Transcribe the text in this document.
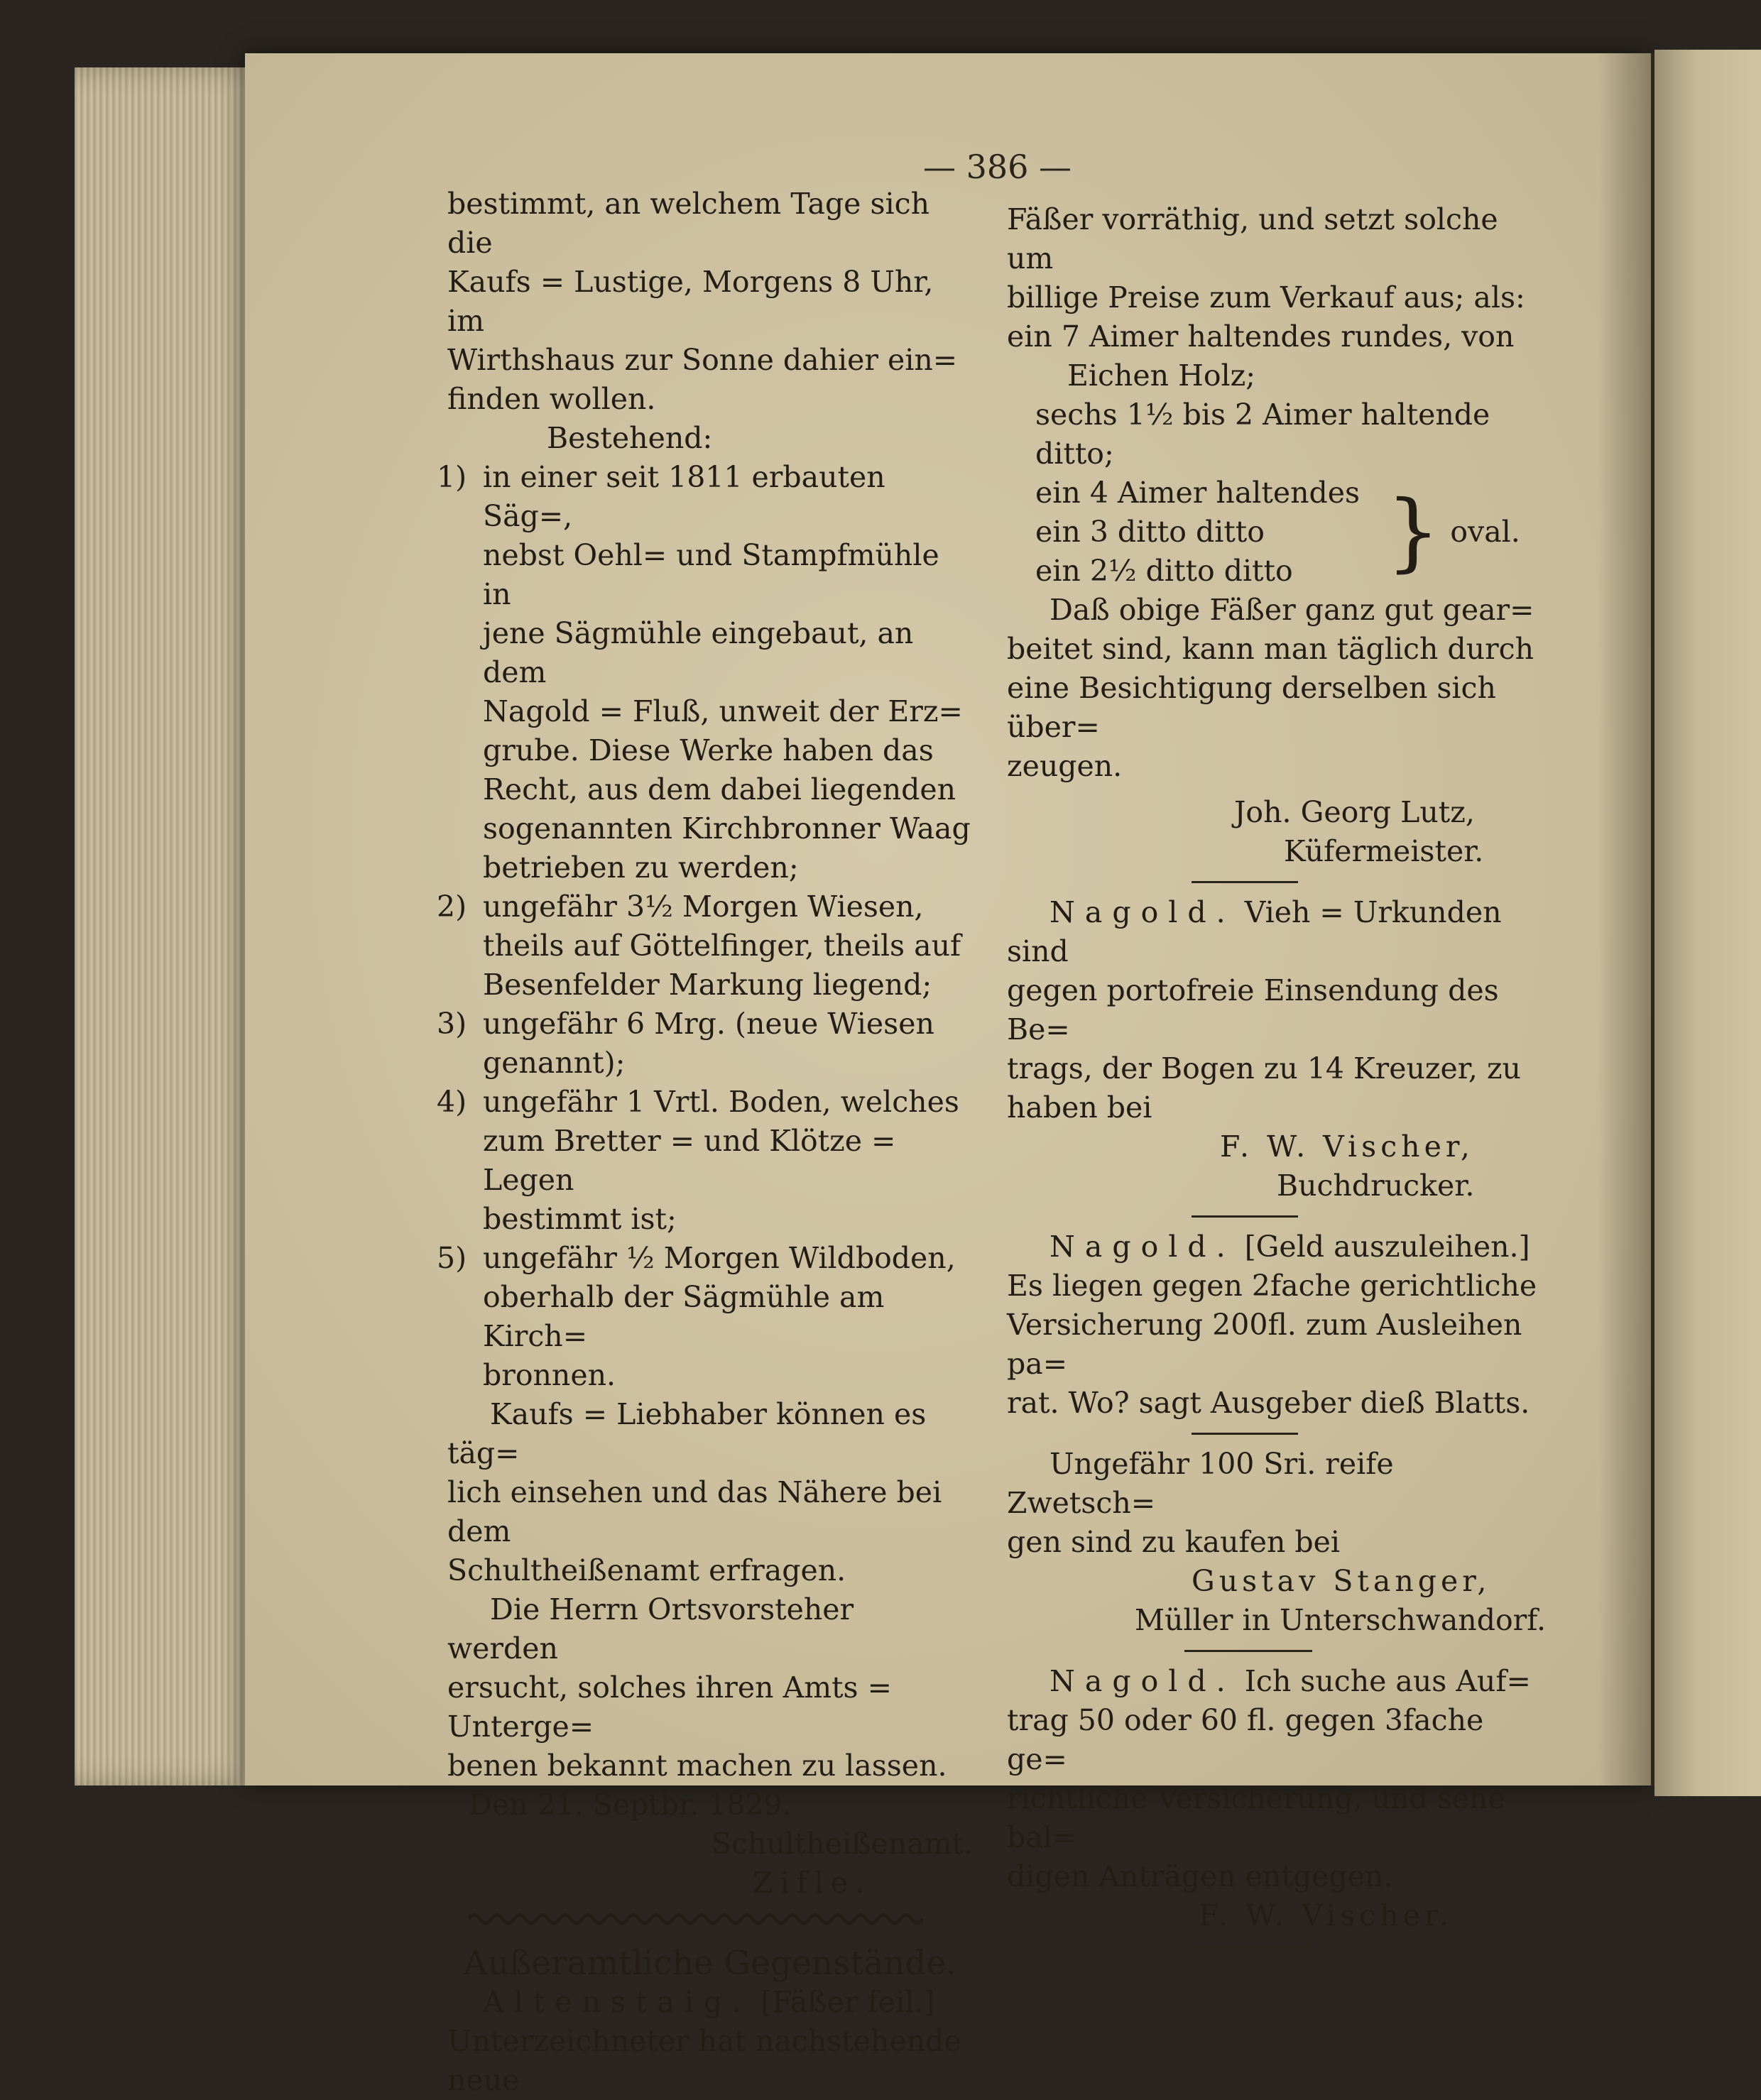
— 386 —

bestimmt, an welchem Tage sich die

Kaufs = Lustige, Morgens 8 Uhr, im

Wirthshaus zur Sonne dahier ein=

finden wollen.

Bestehend:

1) in einer seit 1811 erbauten Säg=,

nebst Oehl= und Stampfmühle in

jene Sägmühle eingebaut, an dem

Nagold = Fluß, unweit der Erz=

grube. Diese Werke haben das

Recht, aus dem dabei liegenden

sogenannten Kirchbronner Waag

betrieben zu werden;

2) ungefähr 3½ Morgen Wiesen,

theils auf Göttelfinger, theils auf

Besenfelder Markung liegend;

3) ungefähr 6 Mrg. (neue Wiesen

genannt);

4) ungefähr 1 Vrtl. Boden, welches

zum Bretter = und Klötze = Legen

bestimmt ist;

5) ungefähr ½ Morgen Wildboden,

oberhalb der Sägmühle am Kirch=

bronnen.

Kaufs = Liebhaber können es täg=

lich einsehen und das Nähere bei dem

Schultheißenamt erfragen.

Die Herrn Ortsvorsteher werden

ersucht, solches ihren Amts = Unterge=

benen bekannt machen zu lassen.

Den 21. Septbr. 1829.

Schultheißenamt.

Zifle.

Außeramtliche Gegenstände.

Altenstaig. [Fäßer feil.]

Unterzeichneter hat nachstehende neue

Fäßer vorräthig, und setzt solche um

billige Preise zum Verkauf aus; als:

ein 7 Aimer haltendes rundes, von

Eichen Holz;

sechs 1½ bis 2 Aimer haltende ditto;

ein 4 Aimer haltendes

ein 3 ditto ditto

ein 2½ ditto ditto	} oval.

Daß obige Fäßer ganz gut gear=

beitet sind, kann man täglich durch

eine Besichtigung derselben sich über=

zeugen.

Joh. Georg Lutz,

Küfermeister.

Nagold. Vieh = Urkunden sind

gegen portofreie Einsendung des Be=

trags, der Bogen zu 14 Kreuzer, zu

haben bei

F. W. Vischer,

Buchdrucker.

Nagold. [Geld auszuleihen.]

Es liegen gegen 2fache gerichtliche

Versicherung 200fl. zum Ausleihen pa=

rat. Wo? sagt Ausgeber dieß Blatts.

Ungefähr 100 Sri. reife Zwetsch=

gen sind zu kaufen bei

Gustav Stanger,

Müller in Unterschwandorf.

Nagold. Ich suche aus Auf=

trag 50 oder 60 fl. gegen 3fache ge=

richtliche Versicherung, und sehe bal=

digen Anträgen entgegen.

F. W. Vischer.
